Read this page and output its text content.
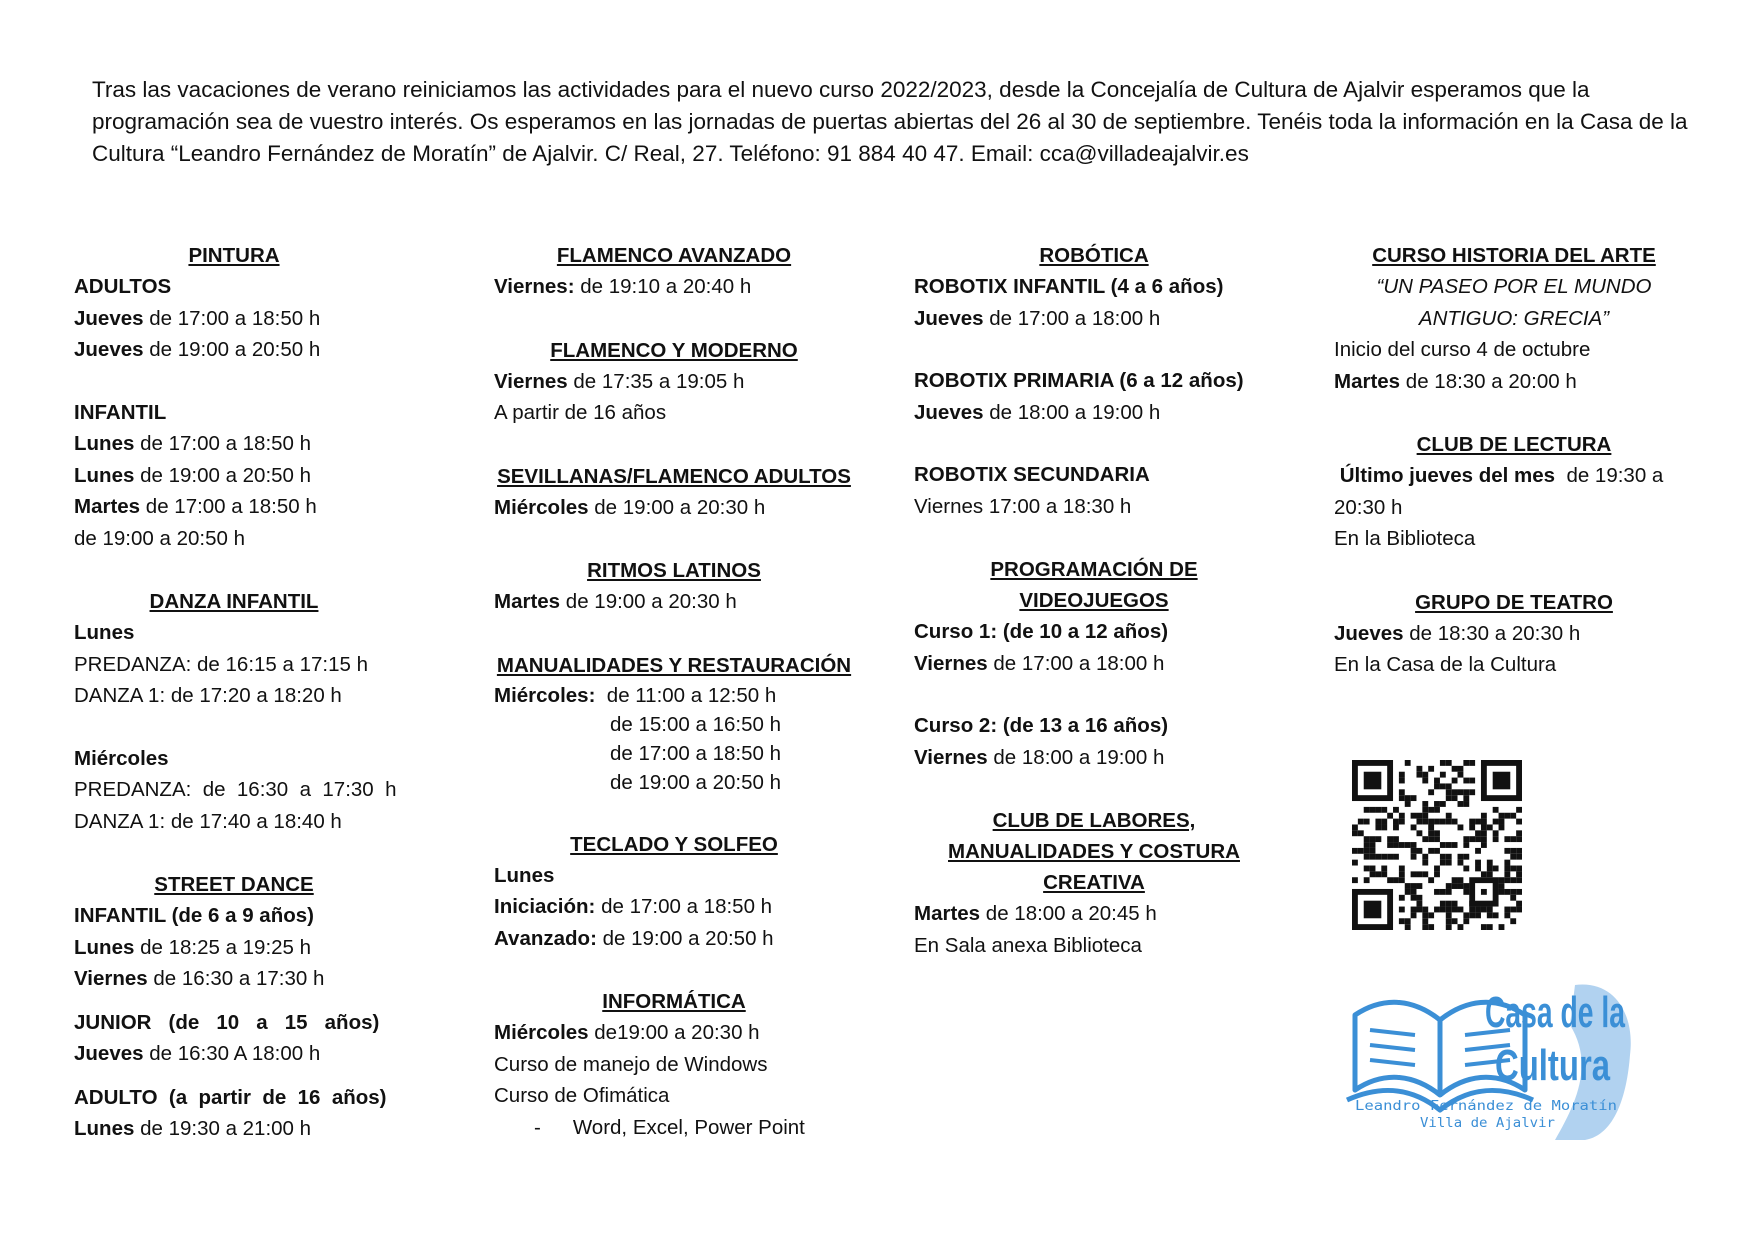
Tras las vacaciones de verano reiniciamos las actividades para el nuevo curso 2022/2023, desde la Concejalía de Cultura de Ajalvir esperamos que la programación sea de vuestro interés. Os esperamos en las jornadas de puertas abiertas del 26 al 30 de septiembre. Tenéis toda la información en la Casa de la Cultura “Leandro Fernández de Moratín” de Ajalvir. C/ Real, 27. Teléfono: 91 884 40 47. Email: cca@villadeajalvir.es

PINTURA

ADULTOS

Jueves de 17:00 a 18:50 h

Jueves de 19:00 a 20:50 h

INFANTIL

Lunes de 17:00 a 18:50 h

Lunes de 19:00 a 20:50 h

Martes de 17:00 a 18:50 h

de 19:00 a 20:50 h

DANZA INFANTIL

Lunes

PREDANZA: de 16:15 a 17:15 h

DANZA 1: de 17:20 a 18:20 h

Miércoles

PREDANZA:  de  16:30  a  17:30  h

DANZA 1: de 17:40 a 18:40 h

STREET DANCE

INFANTIL (de 6 a 9 años)

Lunes de 18:25 a 19:25 h

Viernes de 16:30 a 17:30 h

JUNIOR   (de   10   a   15   años)

Jueves de 16:30 A 18:00 h

ADULTO  (a  partir  de  16  años)

Lunes de 19:30 a 21:00 h

FLAMENCO AVANZADO

Viernes: de 19:10 a 20:40 h

FLAMENCO Y MODERNO

Viernes de 17:35 a 19:05 h

A partir de 16 años

SEVILLANAS/FLAMENCO ADULTOS

Miércoles de 19:00 a 20:30 h

RITMOS LATINOS

Martes de 19:00 a 20:30 h

MANUALIDADES Y RESTAURACIÓN

Miércoles:  de 11:00 a 12:50 h

de 15:00 a 16:50 h

de 17:00 a 18:50 h

de 19:00 a 20:50 h

TECLADO Y SOLFEO

Lunes

Iniciación: de 17:00 a 18:50 h

Avanzado: de 19:00 a 20:50 h

INFORMÁTICA

Miércoles de19:00 a 20:30 h

Curso de manejo de Windows

Curso de Ofimática

- Word, Excel, Power Point

ROBÓTICA

ROBOTIX INFANTIL (4 a 6 años)

Jueves de 17:00 a 18:00 h

ROBOTIX PRIMARIA (6 a 12 años)

Jueves de 18:00 a 19:00 h

ROBOTIX SECUNDARIA

Viernes 17:00 a 18:30 h

PROGRAMACIÓN DE

VIDEOJUEGOS

Curso 1: (de 10 a 12 años)

Viernes de 17:00 a 18:00 h

Curso 2: (de 13 a 16 años)

Viernes de 18:00 a 19:00 h

CLUB DE LABORES,

MANUALIDADES Y COSTURA

CREATIVA

Martes de 18:00 a 20:45 h

En Sala anexa Biblioteca

CURSO HISTORIA DEL ARTE

“UN PASEO POR EL MUNDO

ANTIGUO: GRECIA”

Inicio del curso 4 de octubre

Martes de 18:30 a 20:00 h

CLUB DE LECTURA

Último jueves del mes  de 19:30 a

20:30 h

En la Biblioteca

GRUPO DE TEATRO

Jueves de 18:30 a 20:30 h

En la Casa de la Cultura

Casa de la
Cultura
Leandro Fernández de Moratín
Villa de Ajalvir
